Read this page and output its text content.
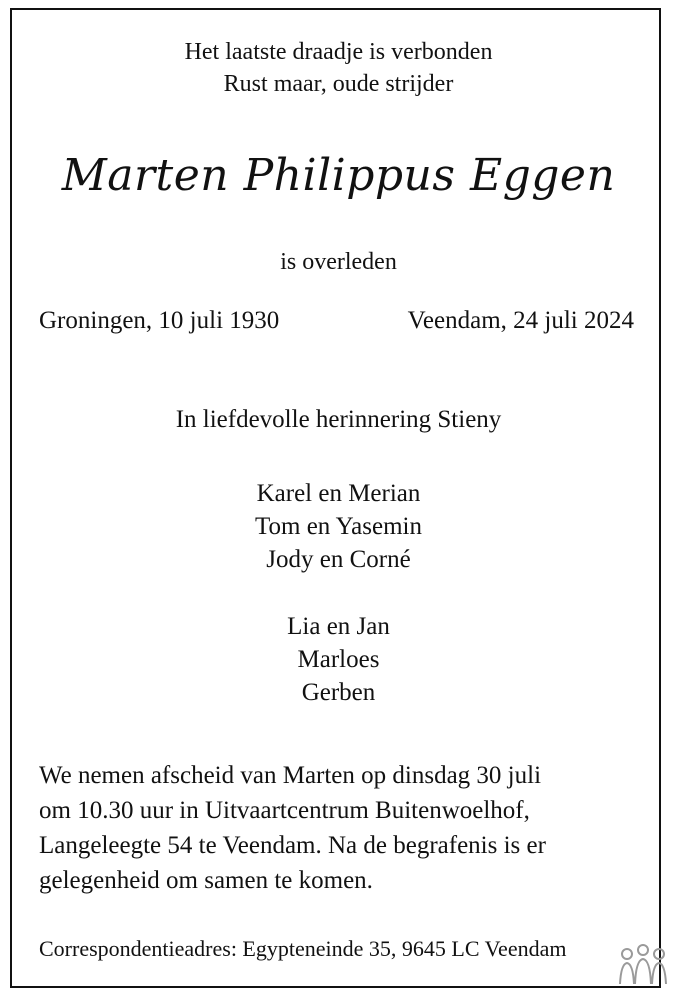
Het laatste draadje is verbonden
Rust maar, oude strijder
Marten Philippus Eggen
is overleden
Groningen, 10 juli 1930	Veendam, 24 juli 2024
In liefdevolle herinnering Stieny
Karel en Merian
Tom en Yasemin
Jody en Corné
Lia en Jan
Marloes
Gerben
We nemen afscheid van Marten op dinsdag 30 juli
om 10.30 uur in Uitvaartcentrum Buitenwoelhof,
Langeleegte 54 te Veendam. Na de begrafenis is er
gelegenheid om samen te komen.
Correspondentieadres: Egypteneinde 35, 9645 LC Veendam
